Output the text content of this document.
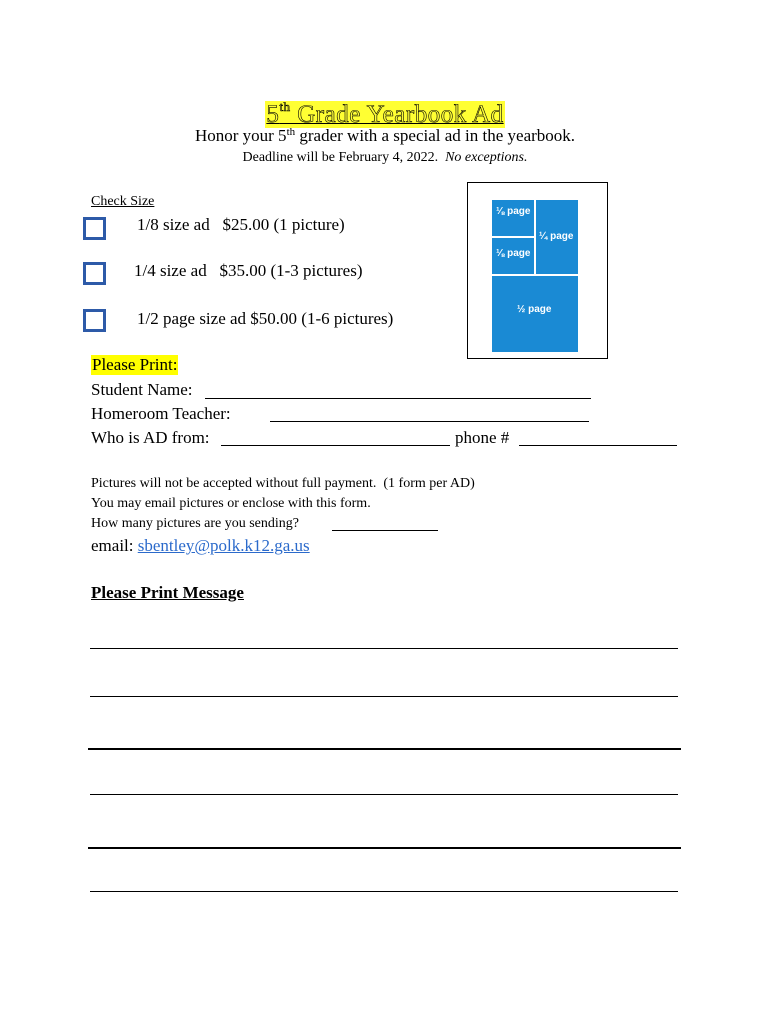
5th Grade Yearbook Ad
Honor your 5th grader with a special ad in the yearbook.
Deadline will be February 4, 2022.  No exceptions.
Check Size
1/8 size ad   $25.00 (1 picture)
1/4 size ad   $35.00 (1-3 pictures)
1/2 page size ad $50.00 (1-6 pictures)
⅛ page
⅛ page
¼ page
½ page
Please Print:
Student Name:
Homeroom Teacher:
Who is AD from:	phone #
Pictures will not be accepted without full payment.  (1 form per AD)
You may email pictures or enclose with this form.
How many pictures are you sending?
email: sbentley@polk.k12.ga.us
Please Print Message
